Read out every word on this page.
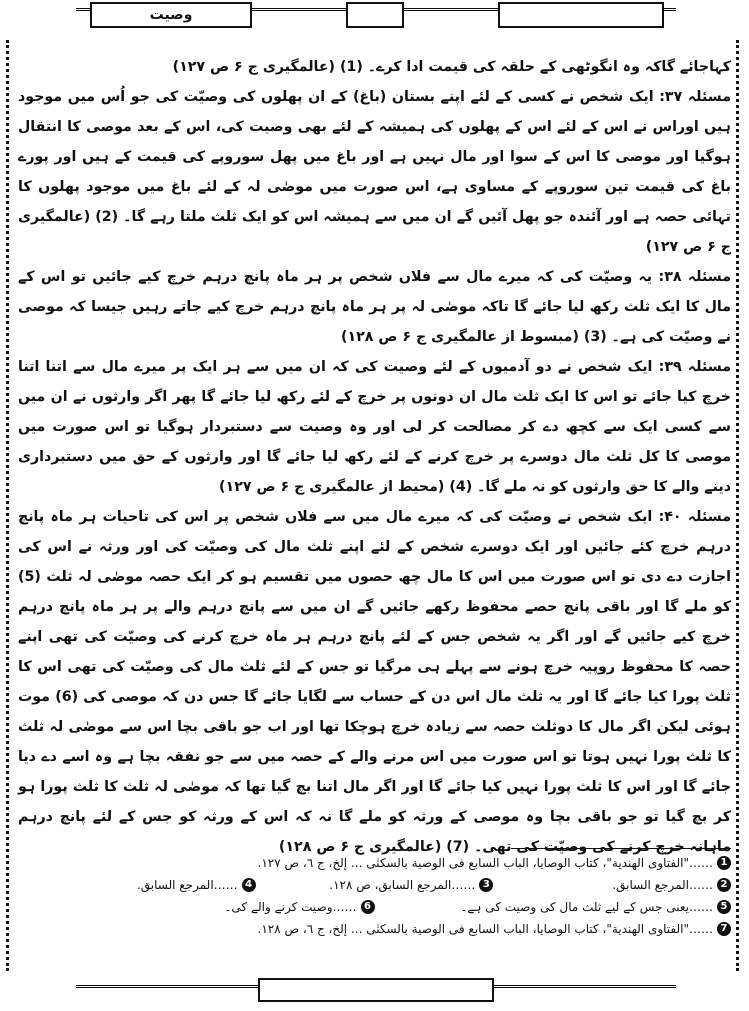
وصیت

کہاجائے گاکہ وہ انگوٹھی کے حلقہ کی قیمت ادا کرے۔ (1) (عالمگیری ج ۶ ص ۱۲۷)

مسئلہ ۳۷: ایک شخص نے کسی کے لئے اپنے بستان (باغ) کے ان پھلوں کی وصیّت کی جو اُس میں موجود ہیں اوراس نے اس کے لئے اس کے پھلوں کی ہمیشہ کے لئے بھی وصیت کی، اس کے بعد موصی کا انتقال ہوگیا اور موصی کا اس کے سوا اور مال نہیں ہے اور باغ میں پھل سوروپے کی قیمت کے ہیں اور پورے باغ کی قیمت تین سوروپے کے مساوی ہے، اس صورت میں موصٰی لہ کے لئے باغ میں موجود پھلوں کا تہائی حصہ ہے اور آئندہ جو پھل آئیں گے ان میں سے ہمیشہ اس کو ایک ثلث ملتا رہے گا۔ (2) (عالمگیری ج ۶ ص ۱۲۷)

مسئلہ ۳۸: یہ وصیّت کی کہ میرے مال سے فلاں شخص پر ہر ماہ پانچ درہم خرچ کیے جائیں تو اس کے مال کا ایک ثلث رکھ لیا جائے گا تاکہ موصٰی لہ پر ہر ماہ پانچ درہم خرچ کیے جاتے رہیں جیسا کہ موصی نے وصیّت کی ہے۔ (3) (مبسوط از عالمگیری ج ۶ ص ۱۲۸)

مسئلہ ۳۹: ایک شخص نے دو آدمیوں کے لئے وصیت کی کہ ان میں سے ہر ایک پر میرے مال سے اتنا اتنا خرچ کیا جائے تو اس کا ایک ثلث مال ان دونوں پر خرچ کے لئے رکھ لیا جائے گا پھر اگر وارثوں نے ان میں سے کسی ایک سے کچھ دے کر مصالحت کر لی اور وہ وصیت سے دستبردار ہوگیا تو اس صورت میں موصی کا کل ثلث مال دوسرے پر خرچ کرنے کے لئے رکھ لیا جائے گا اور وارثوں کے حق میں دستبرداری دینے والے کا حق وارثوں کو نہ ملے گا۔ (4) (محیط از عالمگیری ج ۶ ص ۱۲۷)

مسئلہ ۴۰: ایک شخص نے وصیّت کی کہ میرے مال میں سے فلاں شخص پر اس کی تاحیات ہر ماہ پانچ درہم خرچ کئے جائیں اور ایک دوسرے شخص کے لئے اپنے ثلث مال کی وصیّت کی اور ورثہ نے اس کی اجازت دے دی تو اس صورت میں اس کا مال چھ حصوں میں تقسیم ہو کر ایک حصہ موصٰی لہ ثلث (5) کو ملے گا اور باقی پانچ حصے محفوظ رکھے جائیں گے ان میں سے پانچ درہم والے پر ہر ماہ پانچ درہم خرچ کیے جائیں گے اور اگر یہ شخص جس کے لئے پانچ درہم ہر ماہ خرچ کرنے کی وصیّت کی تھی اپنے حصہ کا محفوظ روپیہ خرچ ہونے سے پہلے ہی مرگیا تو جس کے لئے ثلث مال کی وصیّت کی تھی اس کا ثلث پورا کیا جائے گا اور یہ ثلث مال اس دن کے حساب سے لگایا جائے گا جس دن کہ موصی کی (6) موت ہوئی لیکن اگر مال کا دوثلث حصہ سے زیادہ خرچ ہوچکا تھا اور اب جو باقی بچا اس سے موصٰی لہ ثلث کا ثلث پورا نہیں ہوتا تو اس صورت میں اس مرنے والے کے حصہ میں سے جو نفقہ بچا ہے وہ اسے دے دیا جائے گا اور اس کا ثلث پورا نہیں کیا جائے گا اور اگر مال اتنا بچ گیا تھا کہ موصٰی لہ ثلث کا ثلث پورا ہو کر بچ گیا تو جو باقی بچا وہ موصی کے ورثہ کو ملے گا نہ کہ اس کے ورثہ کو جس کے لئے پانچ درہم ماہانہ خرچ کرنے کی وصیّت کی تھی۔ (7) (عالمگیری ج ۶ ص ۱۲۸)

1
……"الفتاوی الھندیة"، کتاب الوصایا، الباب السابع فی الوصیة بالسکنٰی ... إلخ، ج ٦، ص ١٢٧.
2
……المرجع السابق.
3
……المرجع السابق، ص ١٢٨.
4
……المرجع السابق.
5
……یعنی جس کے لیے ثلث مال کی وصیت کی ہے۔
6
……وصیت کرنے والے کی۔
7
……"الفتاوی الھندیة"، کتاب الوصایا، الباب السابع فی الوصیة بالسکنٰی ... إلخ، ج ٦، ص ١٢٨.
